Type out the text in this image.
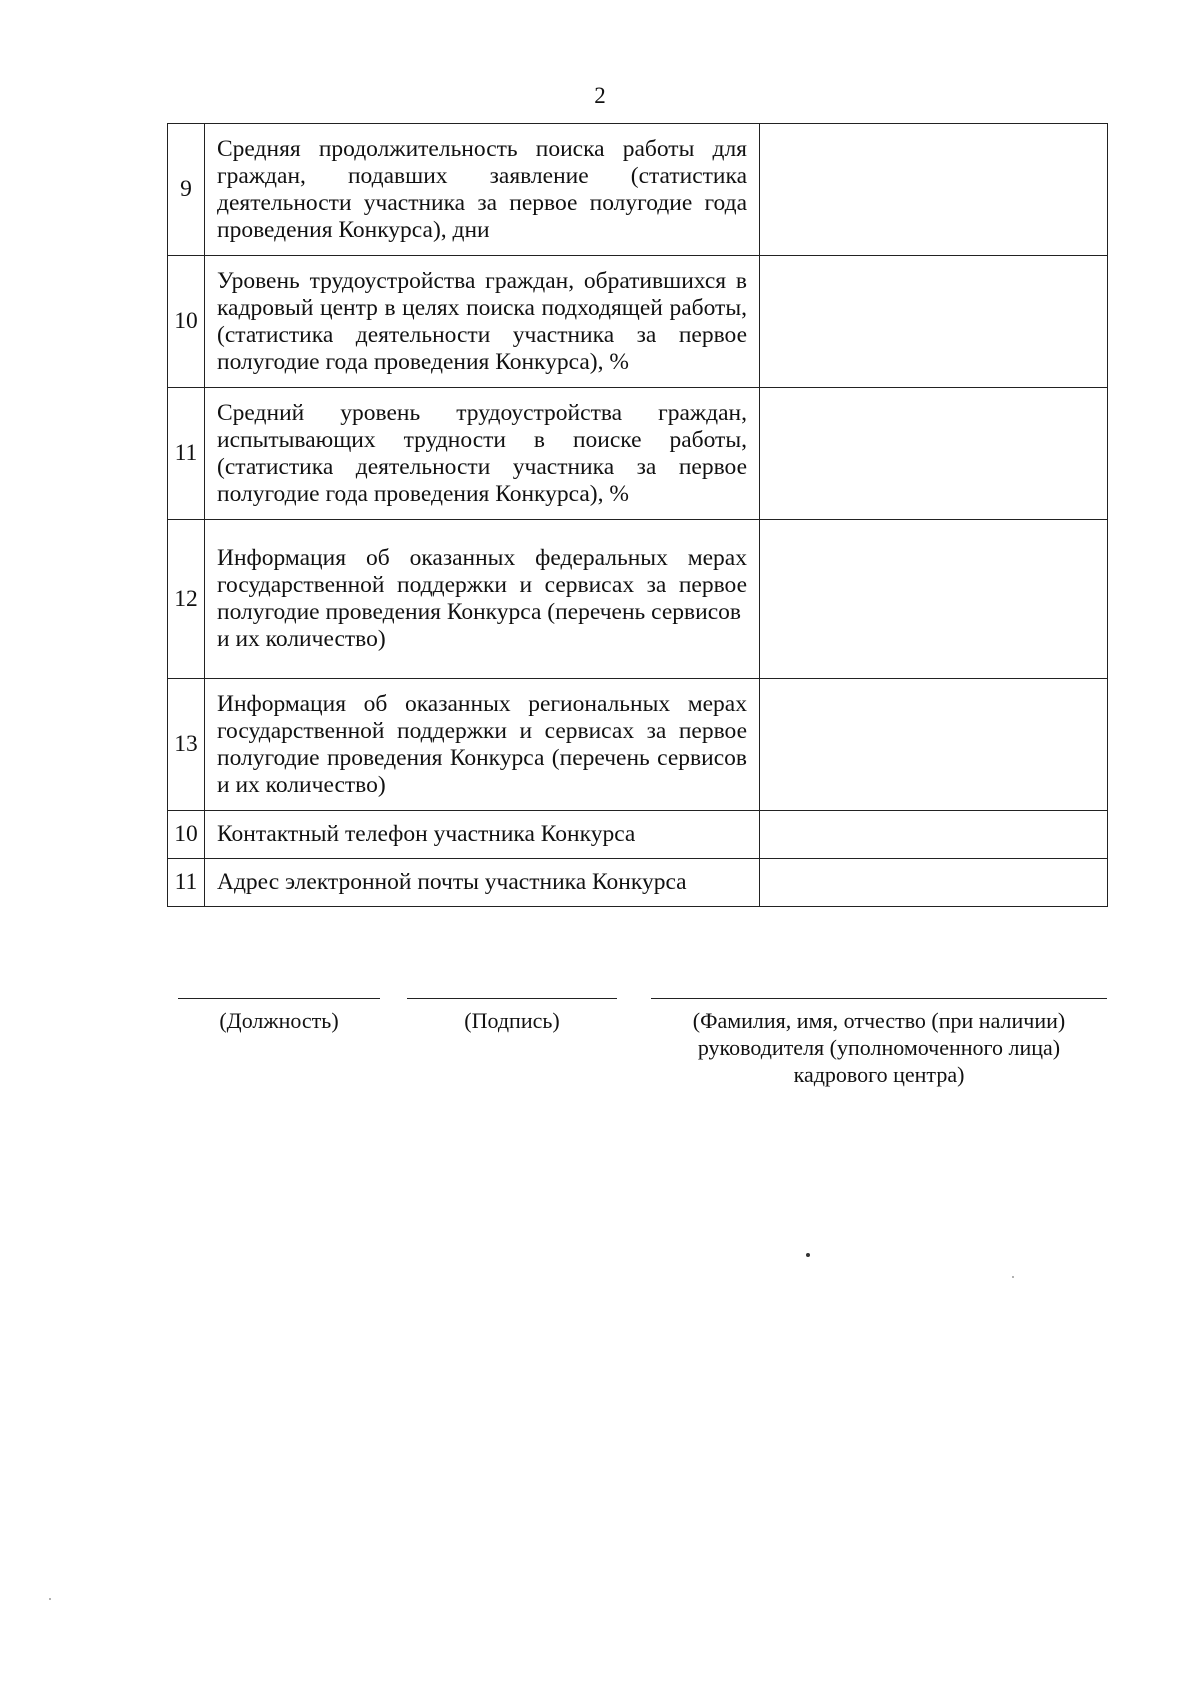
2
9	Средняя продолжительность поиска работы для граждан, подавших заявление (статистика деятельности участника за первое полугодие года проведения Конкурса), дни	

10	Уровень трудоустройства граждан, обратившихся в кадровый центр в целях поиска подходящей работы, (статистика деятельности участника за первое полугодие года проведения Конкурса), %	

11	Средний уровень трудоустройства граждан, испытывающих трудности в поиске работы, (статистика деятельности участника за первое полугодие года проведения Конкурса), %	

12	Информация об оказанных федеральных мерах государственной поддержки и сервисах за первое полугодие проведения Конкурса (перечень сервисов
и их количество)	

13	Информация об оказанных региональных мерах государственной поддержки и сервисах за первое полугодие проведения Конкурса (перечень сервисов и их количество)	

10	Контактный телефон участника Конкурса	

11	Адрес электронной почты участника Конкурса	

(Должность)	(Подпись)	(Фамилия, имя, отчество (при наличии)
руководителя (уполномоченного лица)
кадрового центра)
